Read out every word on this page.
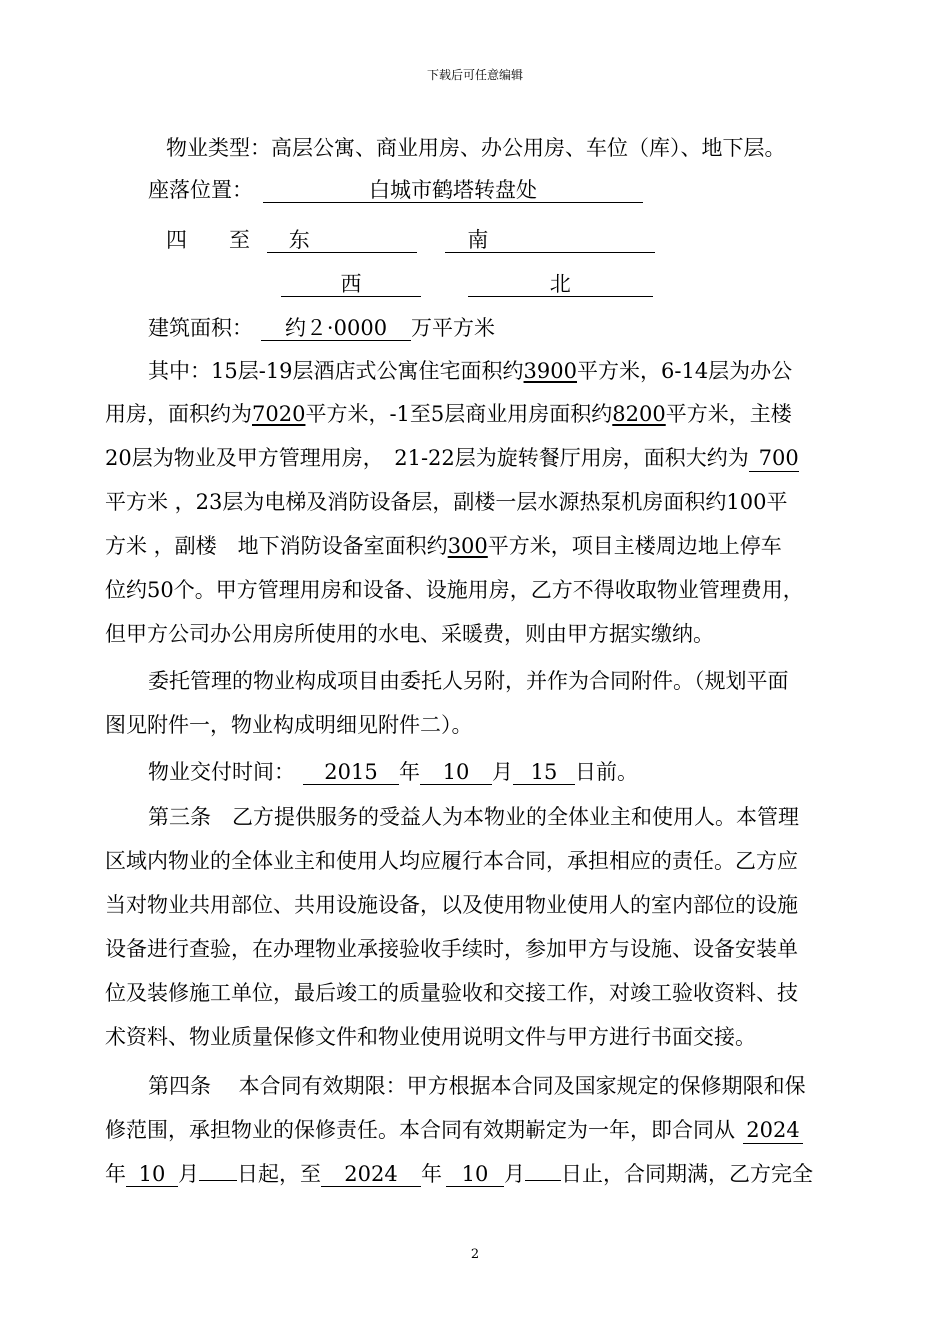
下载后可任意编辑
物业类型：高层公寓、商业用房、办公用房、车位（库）、地下层。
座落位置：	白城市鹤塔转盘处
四　　至 东	南
西	北
建筑面积： 约２·0000 万平方米
其中：15层-19层酒店式公寓住宅面积约3900平方米，6-14层为办公
用房，面积约为7020平方米，-1至5层商业用房面积约8200平方米，主楼
20层为物业及甲方管理用房，　21-22层为旋转餐厅用房，面积大约为 700
平方米 ，23层为电梯及消防设备层，副楼一层水源热泵机房面积约100平
方米 ，副楼　地下消防设备室面积约300平方米，项目主楼周边地上停车
位约50个。甲方管理用房和设备、设施用房，乙方不得收取物业管理费用，
但甲方公司办公用房所使用的水电、采暖费，则由甲方据实缴纳。
委托管理的物业构成项目由委托人另附，并作为合同附件。（规划平面
图见附件一，物业构成明细见附件二）。
物业交付时间： 2015 年 10 月 15 日前。
第三条　乙方提供服务的受益人为本物业的全体业主和使用人。本管理
区域内物业的全体业主和使用人均应履行本合同，承担相应的责任。乙方应
当对物业共用部位、共用设施设备，以及使用物业使用人的室内部位的设施
设备进行查验，在办理物业承接验收手续时，参加甲方与设施、设备安装单
位及装修施工单位，最后竣工的质量验收和交接工作，对竣工验收资料、技
术资料、物业质量保修文件和物业使用说明文件与甲方进行书面交接。
第四条　 本合同有效期限：甲方根据本合同及国家规定的保修期限和保
修范围，承担物业的保修责任。本合同有效期嶄定为一年，即合同从 2024
年 10 月 日起，至 2024 年 10 月 日止，合同期满，乙方完全
2
